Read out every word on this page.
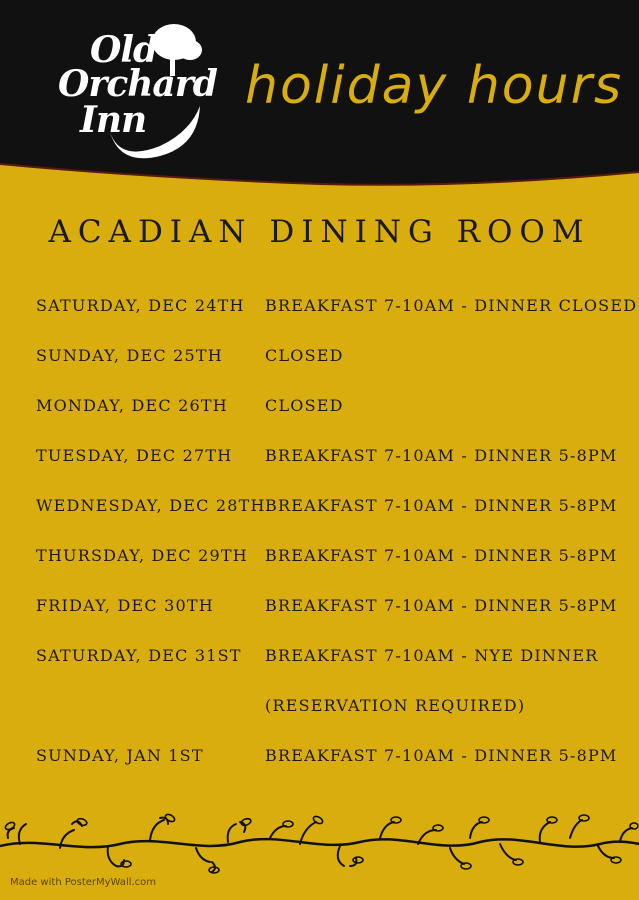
Old
Orchard
Inn
holiday hours
ACADIAN DINING ROOM
SATURDAY, DEC 24TH BREAKFAST 7-10AM - DINNER CLOSED
SUNDAY, DEC 25TH	CLOSED
MONDAY, DEC 26TH CLOSED
TUESDAY, DEC 27TH BREAKFAST 7-10AM - DINNER 5-8PM
WEDNESDAY, DEC 28TH BREAKFAST 7-10AM - DINNER 5-8PM
THURSDAY, DEC 29TH BREAKFAST 7-10AM - DINNER 5-8PM
FRIDAY, DEC 30TH	BREAKFAST 7-10AM - DINNER 5-8PM
SATURDAY, DEC 31ST BREAKFAST 7-10AM - NYE DINNER
(RESERVATION REQUIRED)
SUNDAY, JAN 1ST	BREAKFAST 7-10AM - DINNER 5-8PM
Made with PosterMyWall.com
